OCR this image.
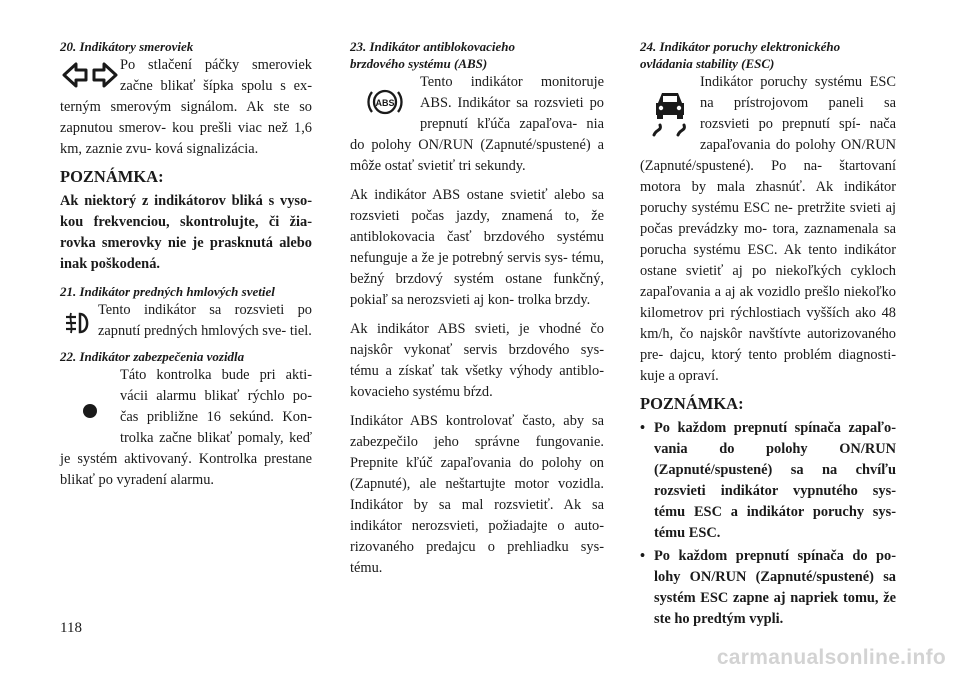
20. Indikátory smeroviek

Po stlačení páčky smeroviek začne blikať šípka spolu s ex- terným smerovým signálom. Ak ste so zapnutou smerov- kou prešli viac než 1,6 km, zaznie zvu- ková signalizácia.

POZNÁMKA:

Ak niektorý z indikátorov bliká s vyso- kou frekvenciou, skontrolujte, či žia- rovka smerovky nie je prasknutá alebo inak poškodená.

21. Indikátor predných hmlových svetiel

Tento indikátor sa rozsvieti po zapnutí predných hmlových sve- tiel.

22. Indikátor zabezpečenia vozidla

Táto kontrolka bude pri akti- vácii alarmu blikať rýchlo po- čas približne 16 sekúnd. Kon- trolka začne blikať pomaly, keď je systém aktivovaný. Kontrolka prestane blikať po vyradení alarmu.

23. Indikátor antiblokovacieho

brzdového systému (ABS)

ABS

Tento indikátor monitoruje ABS. Indikátor sa rozsvieti po prepnutí kľúča zapaľova- nia do polohy ON/RUN (Zapnuté/spustené) a môže ostať svietiť tri sekundy.

Ak indikátor ABS ostane svietiť alebo sa rozsvieti počas jazdy, znamená to, že antiblokovacia časť brzdového systému nefunguje a že je potrebný servis sys- tému, bežný brzdový systém ostane funkčný, pokiaľ sa nerozsvieti aj kon- trolka brzdy.

Ak indikátor ABS svieti, je vhodné čo najskôr vykonať servis brzdového sys- tému a získať tak všetky výhody antiblo- kovacieho systému bŕzd.

Indikátor ABS kontrolovať často, aby sa zabezpečilo jeho správne fungovanie. Prepnite kľúč zapaľovania do polohy on (Zapnuté), ale neštartujte motor vozidla. Indikátor by sa mal rozsvietiť. Ak sa indikátor nerozsvieti, požiadajte o auto- rizovaného predajcu o prehliadku sys- tému.

24. Indikátor poruchy elektronického

ovládania stability (ESC)

Indikátor poruchy systému ESC na prístrojovom paneli sa rozsvieti po prepnutí spí- nača zapaľovania do polohy ON/RUN (Zapnuté/spustené). Po na- štartovaní motora by mala zhasnúť. Ak indikátor poruchy systému ESC ne- pretržite svieti aj počas prevádzky mo- tora, zaznamenala sa porucha systému ESC. Ak tento indikátor ostane svietiť aj po niekoľkých cykloch zapaľovania a aj ak vozidlo prešlo niekoľko kilometrov pri rýchlostiach vyšších ako 48 km/h, čo najskôr navštívte autorizovaného pre- dajcu, ktorý tento problém diagnosti- kuje a opraví.

POZNÁMKA:

• Po každom prepnutí spínača zapaľo- vania do polohy ON/RUN (Zapnuté/spustené) sa na chvíľu rozsvieti indikátor vypnutého sys- tému ESC a indikátor poruchy sys- tému ESC.
• Po každom prepnutí spínača do po- lohy ON/RUN (Zapnuté/spustené) sa systém ESC zapne aj napriek tomu, že ste ho predtým vypli.
118
carmanualsonline.info
